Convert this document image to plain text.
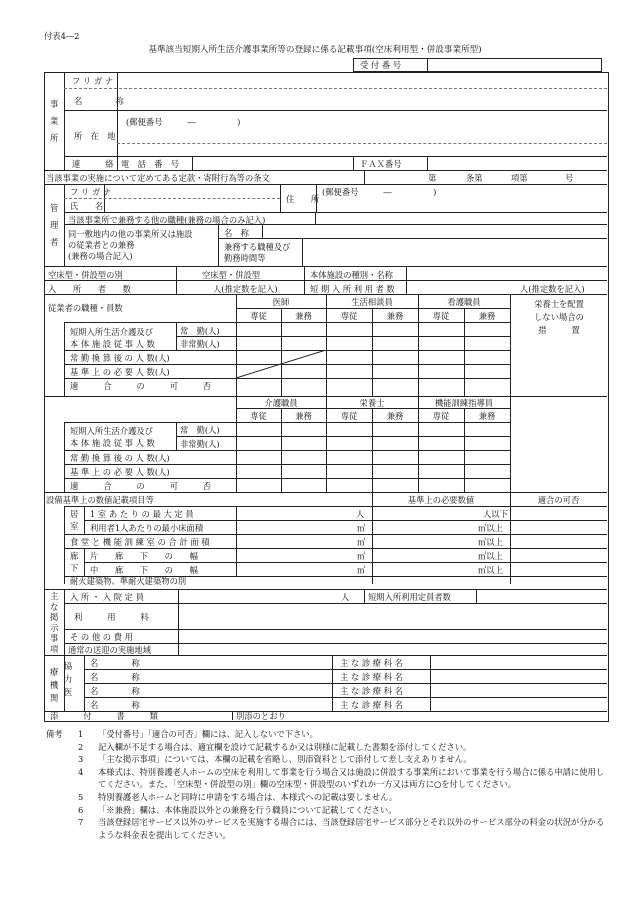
付表4―2
基準該当短期入所生活介護事業所等の登録に係る記載事項(空床利用型・併設事業所型)
受 付 番 号
事
業
所
フ リ ガ ナ
名　　　　称
(郵便番号　　　―　　　　　)
所　在　地
連　　　絡 電　話　番　号	ＦＡＸ番号
当該事業の実施について定めてある定款・寄附行為等の条文	第	条第	項第	号
管
理
者
フ リ ガ ナ
氏　　名
住　　所
(郵便番号　　　―　　　　　)
当該事業所で兼務する他の職種(兼務の場合のみ記入)
同一敷地内の他の事業所又は施設
の従業者との兼務
(兼務の場合記入)
名　称
兼務する職種及び
勤務時間等
空床型・併設型の別	空床型・併設型	本体施設の種別・名称
入　　所　　者　　数	人(推定数を記入)	短 期 入 所 利 用 者 数	人(推定数を記入)
従業者の職種・員数
医師	生活相談員	看護職員
専従	兼務	専従	兼務	専従	兼務
栄養士を配置
しない場合の
措　　　置
短期入所生活介護及び
本 体 施 設 従 事 人 数
常　勤(人)
非常勤(人)
常 勤 換 算 後 の 人 数(人)
基 準 上 の 必 要 人 数(人)
適　　　合　　　の　　　可　　　否
介護職員	栄養士	機能訓練指導員
専従	兼務	専従	兼務	専従	兼務
短期入所生活介護及び
本 体 施 設 従 事 人 数
常　勤(人)
非常勤(人)
常 勤 換 算 後 の 人 数(人)
基 準 上 の 必 要 人 数(人)
適　　　合　　　の　　　可　　　否
設備基準上の数値記載項目等	基準上の必要数値	適合の可否
居
室
廊
下
1 室 あ た り の 最 大 定 員	人	人以下
利用者1人あたりの最小床面積	㎡	㎡以上
食 堂 と 機 能 訓 練 室 の 合 計 面 積	㎡	㎡以上
片　　廊　　下　　の　　幅	㎡	㎡以上
中　　廊　　下　　の　　幅	㎡	㎡以上
耐火建築物、準耐火建築物の別
主
な
掲
示
事
項
入 所 ・ 入 院 定 員	人 短期入所利用定員者数
利　　　用　　　料
そ の 他 の 費 用
通常の送迎の実施地域
協
力
医
療
機
関
名　　　　称	主 な 診 療 科 名
名　　　　称	主 な 診 療 科 名
名　　　　称	主 な 診 療 科 名
名　　　　称	主 な 診 療 科 名
添　　　付　　　書　　　類	別添のとおり
備考 1 「受付番号」「適合の可否」欄には、記入しないで下さい。
2 記入欄が不足する場合は、適宜欄を設けて記載するか又は別様に記載した書類を添付してください。
3 「主な掲示事項」については、本欄の記載を省略し、別添資料として添付して差し支えありません。
4 本様式は、特別養護老人ホームの空床を利用して事業を行う場合又は施設に併設する事業所において事業を行う場合に係る申請に使用してください。また、「空床型・併設型の別」欄の空床型・併設型のいずれか一方又は両方に○を付してください。
5 特別養護老人ホームと同時に申請をする場合は、本様式への記載は要しません。
6 「※兼務」欄は、本体施設以外との兼務を行う職員について記載してください。
7 当該登録居宅サービス以外のサービスを実施する場合には、当該登録居宅サービス部分とそれ以外のサービス部分の料金の状況が分かるような料金表を提出してください。
